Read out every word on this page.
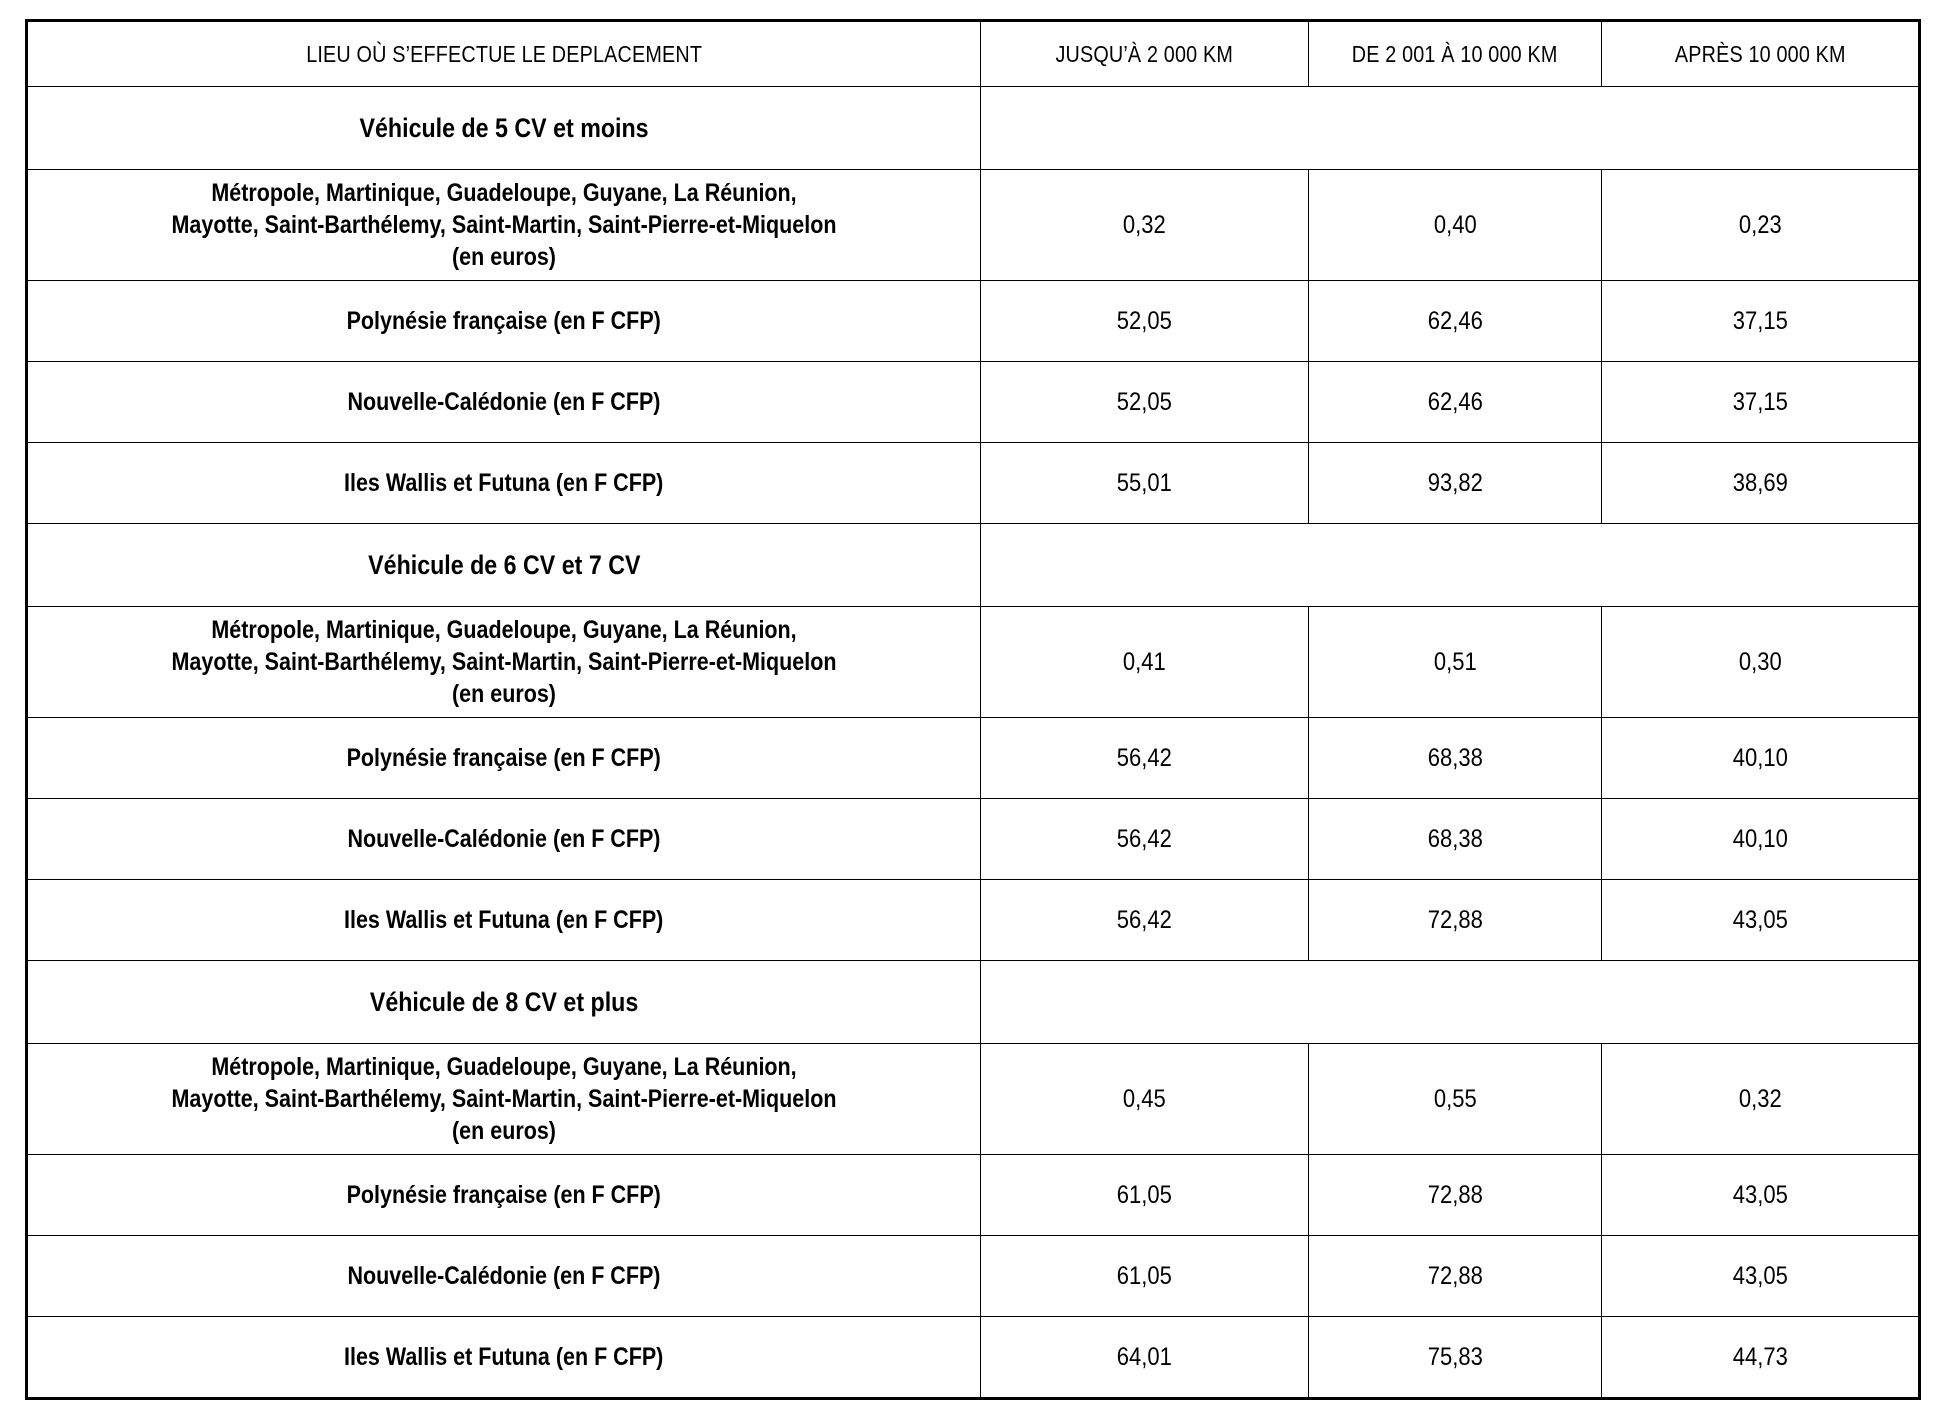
LIEU OÙ S’EFFECTUE LE DEPLACEMENT	JUSQU’À 2 000 KM	DE 2 001 À 10 000 KM	APRÈS 10 000 KM
Véhicule de 5 CV et moins			
Métropole, Martinique, Guadeloupe, Guyane, La Réunion, Mayotte, Saint-Barthélemy, Saint-Martin, Saint-Pierre-et-Miquelon (en euros)	0,32	0,40	0,23
Polynésie française (en F CFP)	52,05	62,46	37,15
Nouvelle-Calédonie (en F CFP)	52,05	62,46	37,15
Iles Wallis et Futuna (en F CFP)	55,01	93,82	38,69
Véhicule de 6 CV et 7 CV			
Métropole, Martinique, Guadeloupe, Guyane, La Réunion, Mayotte, Saint-Barthélemy, Saint-Martin, Saint-Pierre-et-Miquelon (en euros)	0,41	0,51	0,30
Polynésie française (en F CFP)	56,42	68,38	40,10
Nouvelle-Calédonie (en F CFP)	56,42	68,38	40,10
Iles Wallis et Futuna (en F CFP)	56,42	72,88	43,05
Véhicule de 8 CV et plus			
Métropole, Martinique, Guadeloupe, Guyane, La Réunion, Mayotte, Saint-Barthélemy, Saint-Martin, Saint-Pierre-et-Miquelon (en euros)	0,45	0,55	0,32
Polynésie française (en F CFP)	61,05	72,88	43,05
Nouvelle-Calédonie (en F CFP)	61,05	72,88	43,05
Iles Wallis et Futuna (en F CFP)	64,01	75,83	44,73
